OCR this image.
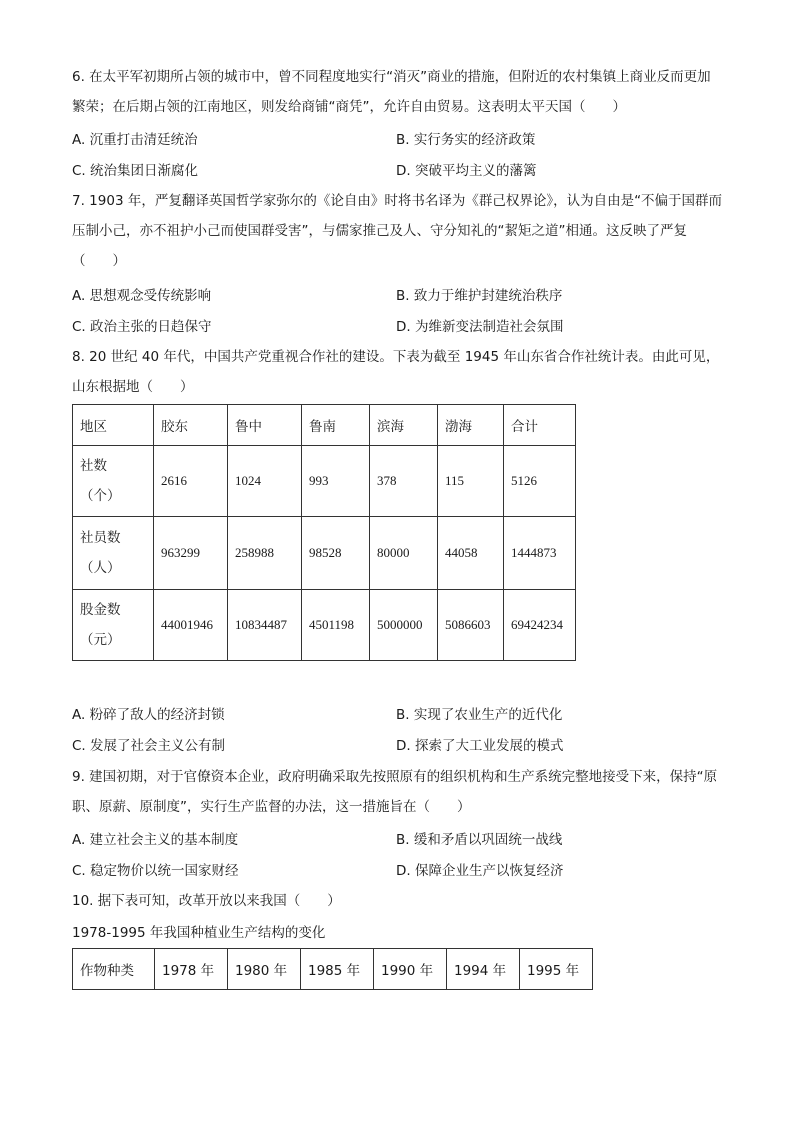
6. 在太平军初期所占领的城市中，曾不同程度地实行“消灭”商业的措施，但附近的农村集镇上商业反而更加繁荣；在后期占领的江南地区，则发给商铺“商凭”，允许自由贸易。这表明太平天国（　　）
A. 沉重打击清廷统治	B. 实行务实的经济政策
C. 统治集团日渐腐化	D. 突破平均主义的藩篱
7. 1903 年，严复翻译英国哲学家弥尔的《论自由》时将书名译为《群己权界论》，认为自由是“不偏于国群而压制小己，亦不祖护小己而使国群受害”，与儒家推己及人、守分知礼的“絜矩之道”相通。这反映了严复（　　）
A. 思想观念受传统影响	B. 致力于维护封建统治秩序
C. 政治主张的日趋保守	D. 为维新变法制造社会氛围
8. 20 世纪 40 年代，中国共产党重视合作社的建设。下表为截至 1945 年山东省合作社统计表。由此可见，山东根据地（　　）
地区	胶东	鲁中	鲁南	滨海	渤海	合计
社数
（个）	2616	1024	993	378	115	5126
社员数
（人）	963299	258988	98528	80000	44058	1444873
股金数
（元）	44001946	10834487	4501198	5000000	5086603	69424234
A. 粉碎了敌人的经济封锁	B. 实现了农业生产的近代化
C. 发展了社会主义公有制	D. 探索了大工业发展的模式
9. 建国初期，对于官僚资本企业，政府明确采取先按照原有的组织机构和生产系统完整地接受下来，保持“原职、原薪、原制度”，实行生产监督的办法，这一措施旨在（　　）
A. 建立社会主义的基本制度	B. 缓和矛盾以巩固统一战线
C. 稳定物价以统一国家财经	D. 保障企业生产以恢复经济
10. 据下表可知，改革开放以来我国（　　）
1978-1995 年我国种植业生产结构的变化
作物种类	1978 年	1980 年	1985 年	1990 年	1994 年	1995 年
